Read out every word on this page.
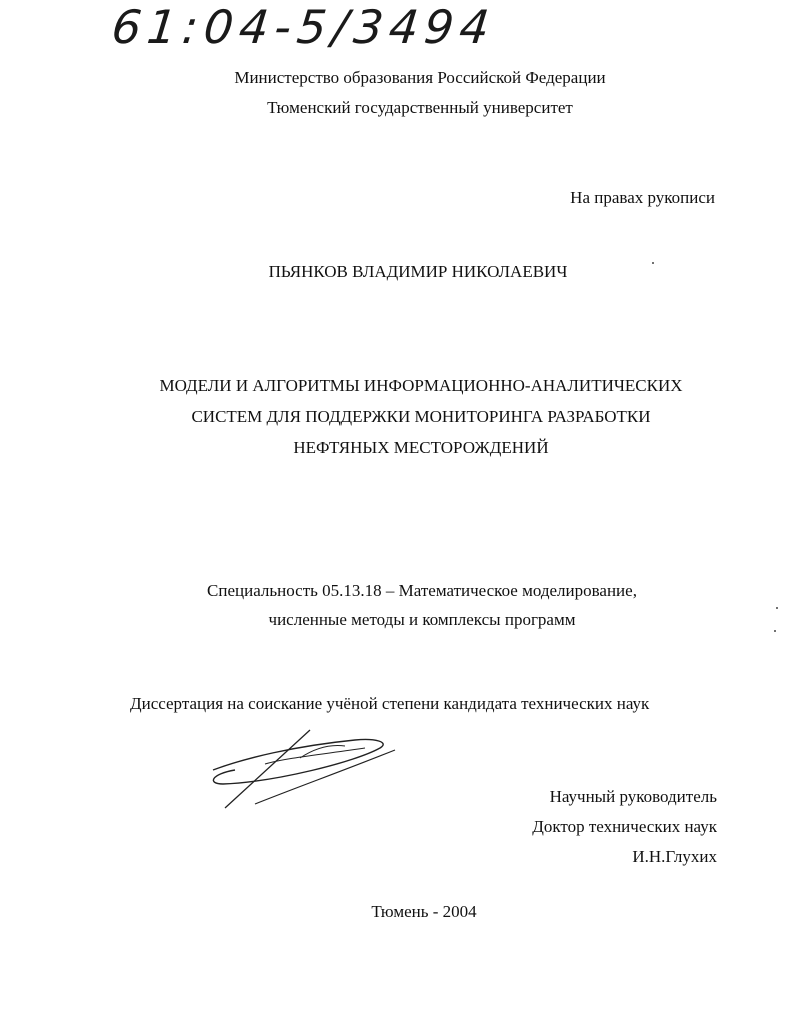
61:04-5/3494
Министерство образования Российской Федерации
Тюменский государственный университет
На правах рукописи
ПЬЯНКОВ ВЛАДИМИР НИКОЛАЕВИЧ
МОДЕЛИ И АЛГОРИТМЫ ИНФОРМАЦИОННО-АНАЛИТИЧЕСКИХ
СИСТЕМ ДЛЯ ПОДДЕРЖКИ МОНИТОРИНГА РАЗРАБОТКИ
НЕФТЯНЫХ МЕСТОРОЖДЕНИЙ
Специальность 05.13.18 – Математическое моделирование,
численные методы и комплексы программ
Диссертация на соискание учёной степени кандидата технических наук
Научный руководитель
Доктор технических наук
И.Н.Глухих
Тюмень - 2004
